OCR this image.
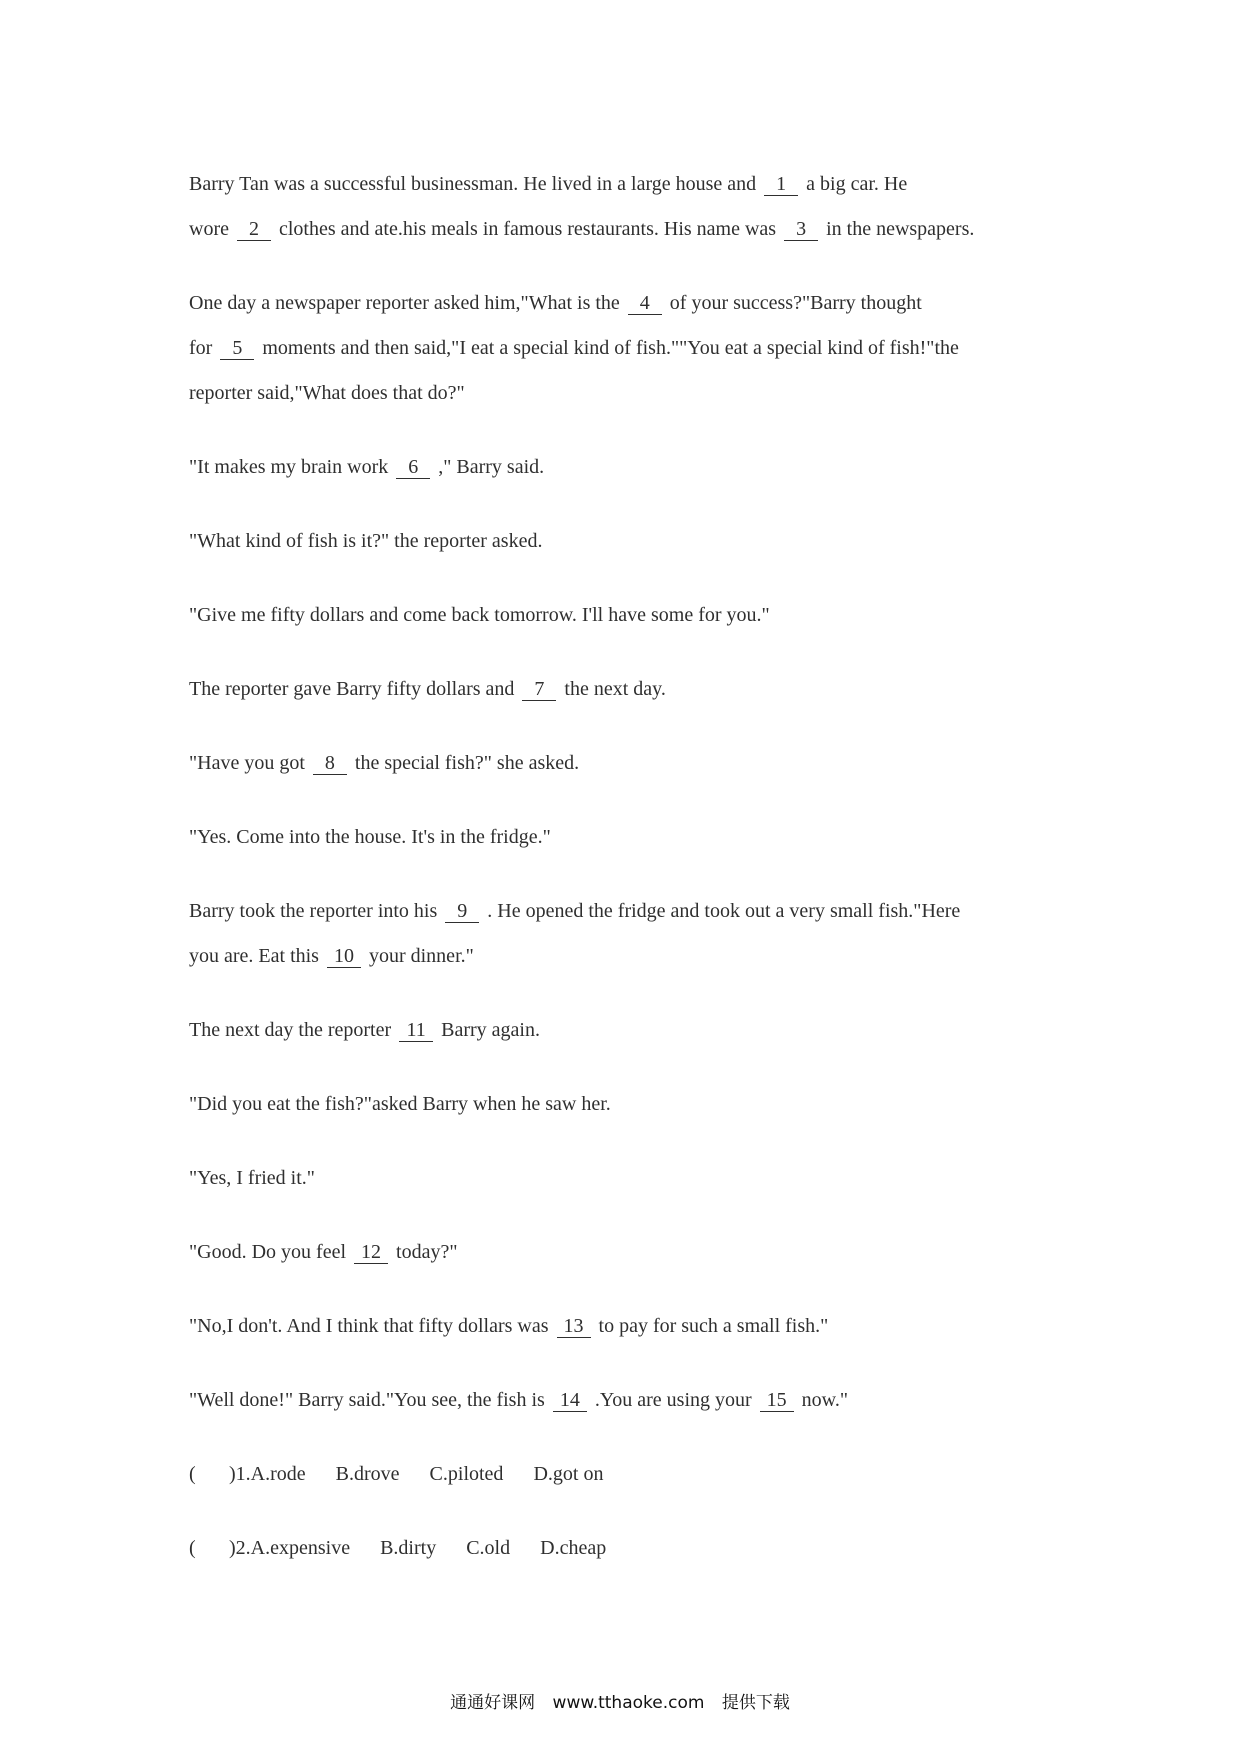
Barry Tan was a successful businessman. He lived in a large house and 1 a big car. He
wore 2 clothes and ate.his meals in famous restaurants. His name was 3 in the newspapers.

One day a newspaper reporter asked him,"What is the 4 of your success?"Barry thought
for 5 moments and then said,"I eat a special kind of fish.""You eat a special kind of fish!"the
reporter said,"What does that do?"

"It makes my brain work 6 ," Barry said.

"What kind of fish is it?" the reporter asked.

"Give me fifty dollars and come back tomorrow. I'll have some for you."

The reporter gave Barry fifty dollars and 7 the next day.

"Have you got 8 the special fish?" she asked.

"Yes. Come into the house. It's in the fridge."

Barry took the reporter into his 9 . He opened the fridge and took out a very small fish."Here
you are. Eat this 10 your dinner."

The next day the reporter 11 Barry again.

"Did you eat the fish?"asked Barry when he saw her.

"Yes, I fried it."

"Good. Do you feel 12 today?"

"No,I don't. And I think that fifty dollars was 13 to pay for such a small fish."

"Well done!" Barry said."You see, the fish is 14 .You are using your 15 now."

( )1.A.rode B.drove C.piloted D.got on
( )2.A.expensive B.dirty C.old D.cheap
通通好课网 www.tthaoke.com 提供下载
